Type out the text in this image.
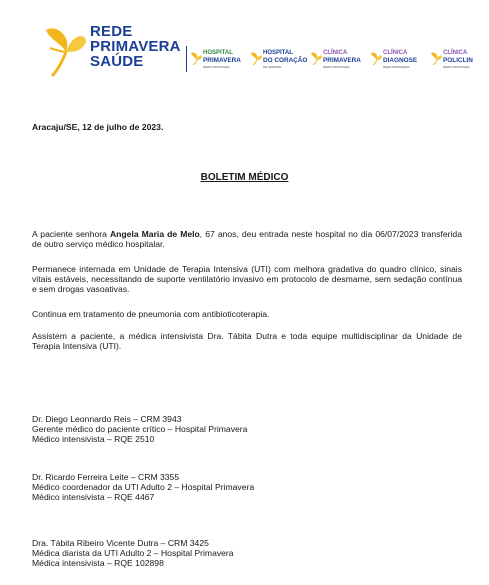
REDE
PRIMAVERA
SAÚDE	HOSPITAL
PRIMAVERA
REDE PRIMAVERA
HOSPITAL
DO CORAÇÃO
DE SERGIPE
CLÍNICA
PRIMAVERA
REDE PRIMAVERA
CLÍNICA
DIAGNOSE
REDE PRIMAVERA
CLÍNICA
POLICLIN
REDE PRIMAVERA
Aracaju/SE, 12 de julho de 2023.
BOLETIM MÉDICO
A paciente senhora Angela Maria de Melo, 67 anos, deu entrada neste hospital no dia 06/07/2023 transferida de outro serviço médico hospitalar.
Permanece internada em Unidade de Terapia Intensiva (UTI) com melhora gradativa do quadro clínico, sinais vitais estáveis, necessitando de suporte ventilatório invasivo em protocolo de desmame, sem sedação contínua e sem drogas vasoativas.
Continua em tratamento de pneumonia com antibioticoterapia.
Assistem a paciente, a médica intensivista Dra. Tábita Dutra e toda equipe multidisciplinar da Unidade de Terapia Intensiva (UTI).
Dr. Diego Leonnardo Reis – CRM 3943
Gerente médico do paciente crítico – Hospital Primavera
Médico intensivista – RQE 2510
Dr. Ricardo Ferreira Leite – CRM 3355
Médico coordenador da UTI Adulto 2 – Hospital Primavera
Médico intensivista – RQE 4467
Dra. Tábita Ribeiro Vicente Dutra – CRM 3425
Médica diarista da UTI Adulto 2 – Hospital Primavera
Médica intensivista – RQE 102898
